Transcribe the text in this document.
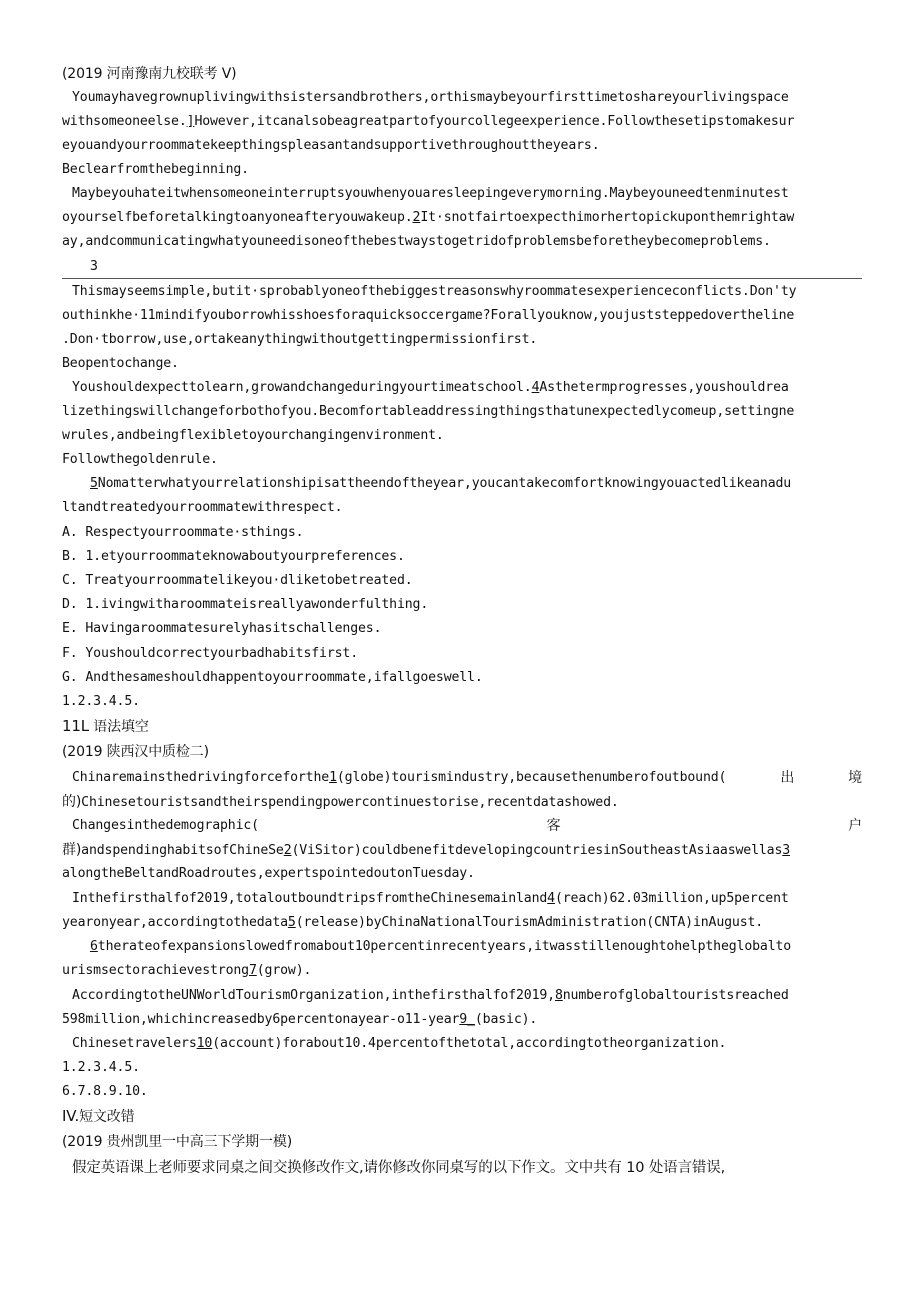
(2019 河南豫南九校联考 V)
Youmayhavegrownuplivingwithsistersandbrothers,orthismaybeyourfirsttimetoshareyourlivingspace
withsomeoneelse.]However,itcanalsobeagreatpartofyourcollegeexperience.Followthesetipstomakesur
eyouandyourroommatekeepthingspleasantandsupportivethroughouttheyears.
Beclearfromthebeginning.
Maybeyouhateitwhensomeoneinterruptsyouwhenyouaresleepingeverymorning.Maybeyouneedtenminutest
oyourselfbeforetalkingtoanyoneafteryouwakeup.2It·snotfairtoexpecthimorhertopickuponthemrightaw
ay,andcommunicatingwhatyouneedisoneofthebestwaystogetridofproblemsbeforetheybecomeproblems.
3
Thismayseemsimple,butit·sprobablyoneofthebiggestreasonswhyroommatesexperienceconflicts.Don'ty
outhinkhe·11mindifyouborrowhisshoesforaquicksoccergame?Forallyouknow,youjuststeppedovertheline
.Don·tborrow,use,ortakeanythingwithoutgettingpermissionfirst.
Beopentochange.
Youshouldexpecttolearn,growandchangeduringyourtimeatschool.4Asthetermprogresses,youshouldrea
lizethingswillchangeforbothofyou.Becomfortableaddressingthingsthatunexpectedlycomeup,settingne
wrules,andbeingflexibletoyourchangingenvironment.
Followthegoldenrule.
5Nomatterwhatyourrelationshipisattheendoftheyear,youcantakecomfortknowingyouactedlikeanadu
ltandtreatedyourroommatewithrespect.
A. Respectyourroommate·sthings.
B. 1.etyourroommateknowaboutyourpreferences.
C. Treatyourroommatelikeyou·dliketobetreated.
D. 1.ivingwitharoommateisreallyawonderfulthing.
E. Havingaroommatesurelyhasitschallenges.
F. Youshouldcorrectyourbadhabitsfirst.
G. Andthesameshouldhappentoyourroommate,ifallgoeswell.
1.2.3.4.5.
11L 语法填空
(2019 陕西汉中质检二)
Chinaremainsthedrivingforceforthe1(globe)tourismindustry,becausethenumberofoutbound(	出	境
的)Chinesetouristsandtheirspendingpowercontinuestorise,recentdatashowed.
Changesinthedemographic(	客	户
群)andspendinghabitsofChineSe2(ViSitor)couldbenefitdevelopingcountriesinSoutheastAsiaaswellas3
alongtheBeltandRoadroutes,expertspointedoutonTuesday.
Inthefirsthalfof2019,totaloutboundtripsfromtheChinesemainland4(reach)62.03million,up5percent
yearonyear,accordingtothedata5(release)byChinaNationalTourismAdministration(CNTA)inAugust.
6therateofexpansionslowedfromabout10percentinrecentyears,itwasstillenoughtohelptheglobalto
urismsectorachievestrong7(grow).
AccordingtotheUNWorldTourismOrganization,inthefirsthalfof2019,8numberofglobaltouristsreached
598million,whichincreasedby6percentonayear-o11-year9_(basic).
Chinesetravelers10(account)forabout10.4percentofthetotal,accordingtotheorganization.
1.2.3.4.5.
6.7.8.9.10.
IV.短文改错
(2019 贵州凯里一中高三下学期一模)
假定英语课上老师要求同桌之间交换修改作文,请你修改你同桌写的以下作文。文中共有 10 处语言错误,
